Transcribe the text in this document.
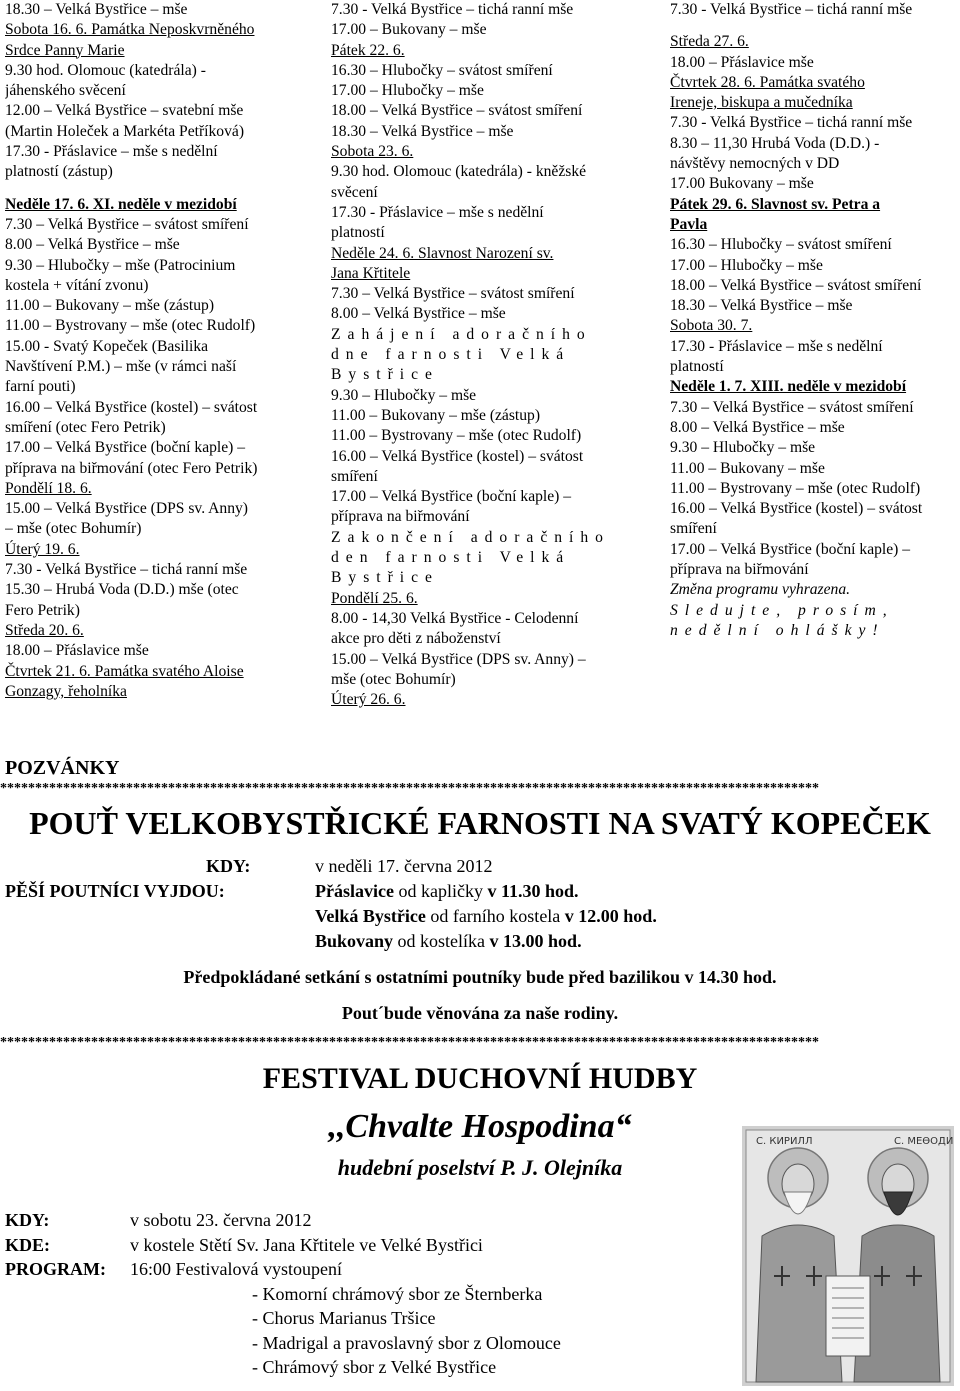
18.30 – Velká Bystřice – mše
Sobota 16. 6. Památka Neposkvrněného
Srdce Panny Marie
9.30 hod. Olomouc (katedrála) -
jáhenského svěcení
12.00 – Velká Bystřice – svatební mše
(Martin Holeček a Markéta Petříková)
17.30 - Přáslavice – mše s nedělní
platností (zástup)
Neděle 17. 6. XI. neděle v mezidobí
7.30 – Velká Bystřice – svátost smíření
8.00 – Velká Bystřice – mše
9.30 – Hlubočky – mše (Patrocinium
kostela + vítání zvonu)
11.00 – Bukovany – mše (zástup)
11.00 – Bystrovany – mše (otec Rudolf)
15.00 - Svatý Kopeček (Basilika
Navštívení P.M.) – mše (v rámci naší
farní pouti)
16.00 – Velká Bystřice (kostel) – svátost
smíření (otec Fero Petrik)
17.00 – Velká Bystřice (boční kaple) –
příprava na biřmování (otec Fero Petrik)
Pondělí 18. 6.
15.00 – Velká Bystřice (DPS sv. Anny)
– mše (otec Bohumír)
Úterý 19. 6.
7.30 - Velká Bystřice – tichá ranní mše
15.30 – Hrubá Voda (D.D.) mše (otec
Fero Petrik)
Středa 20. 6.
18.00 – Přáslavice mše
Čtvrtek 21. 6. Památka svatého Aloise
Gonzagy, řeholníka
7.30 - Velká Bystřice – tichá ranní mše
17.00 – Bukovany – mše
Pátek 22. 6.
16.30 – Hlubočky – svátost smíření
17.00 – Hlubočky – mše
18.00 – Velká Bystřice – svátost smíření
18.30 – Velká Bystřice – mše
Sobota 23. 6.
9.30 hod. Olomouc (katedrála) - kněžské
svěcení
17.30 - Přáslavice – mše s nedělní
platností
Neděle 24. 6. Slavnost Narození sv.
Jana Křtitele
7.30 – Velká Bystřice – svátost smíření
8.00 – Velká Bystřice – mše
Zahájení adoračního
dne farnosti Velká
Bystřice
9.30 – Hlubočky – mše
11.00 – Bukovany – mše (zástup)
11.00 – Bystrovany – mše (otec Rudolf)
16.00 – Velká Bystřice (kostel) – svátost
smíření
17.00 – Velká Bystřice (boční kaple) –
příprava na biřmování
Zakončení adoračního
den farnosti Velká
Bystřice
Pondělí 25. 6.
8.00 - 14,30 Velká Bystřice - Celodenní
akce pro děti z náboženství
15.00 – Velká Bystřice (DPS sv. Anny) –
mše (otec Bohumír)
Úterý 26. 6.
7.30 - Velká Bystřice – tichá ranní mše
Středa 27. 6.
18.00 – Přáslavice mše
Čtvrtek 28. 6. Památka svatého
Ireneje, biskupa a mučedníka
7.30 - Velká Bystřice – tichá ranní mše
8.30 – 11,30 Hrubá Voda (D.D.) -
návštěvy nemocných v DD
17.00 Bukovany – mše
Pátek 29. 6. Slavnost sv. Petra a
Pavla
16.30 – Hlubočky – svátost smíření
17.00 – Hlubočky – mše
18.00 – Velká Bystřice – svátost smíření
18.30 – Velká Bystřice – mše
Sobota 30. 7.
17.30 - Přáslavice – mše s nedělní
platností
Neděle 1. 7. XIII. neděle v mezidobí
7.30 – Velká Bystřice – svátost smíření
8.00 – Velká Bystřice – mše
9.30 – Hlubočky – mše
11.00 – Bukovany – mše
11.00 – Bystrovany – mše (otec Rudolf)
16.00 – Velká Bystřice (kostel) – svátost
smíření
17.00 – Velká Bystřice (boční kaple) –
příprava na biřmování
Změna programu vyhrazena.
Sledujte, prosím,
nedělní ohlášky!
POZVÁNKY
*********************************************************************************************************************
POUŤ VELKOBYSTŘICKÉ FARNOSTI NA SVATÝ KOPEČEK
KDY:	v neděli 17. června 2012
PĚŠÍ POUTNÍCI VYJDOU:	Přáslavice od kapličky v 11.30 hod.
Velká Bystřice od farního kostela v 12.00 hod.
Bukovany od kostelíka v 13.00 hod.
Předpokládané setkání s ostatními poutníky bude před bazilikou v 14.30 hod.
Pout´bude věnována za naše rodiny.
*********************************************************************************************************************
FESTIVAL DUCHOVNÍ HUDBY
,,Chvalte Hospodina“
hudební poselství P. J. Olejníka
KDY:	v sobotu 23. června 2012
KDE:	v kostele Stětí Sv. Jana Křtitele ve Velké Bystřici
PROGRAM: 16:00 Festivalová vystoupení
- Komorní chrámový sbor ze Šternberka
- Chorus Marianus Tršice
- Madrigal a pravoslavný sbor z Olomouce
- Chrámový sbor z Velké Bystřice
С. КИРИЛЛ	С. МЕѲОДИ
